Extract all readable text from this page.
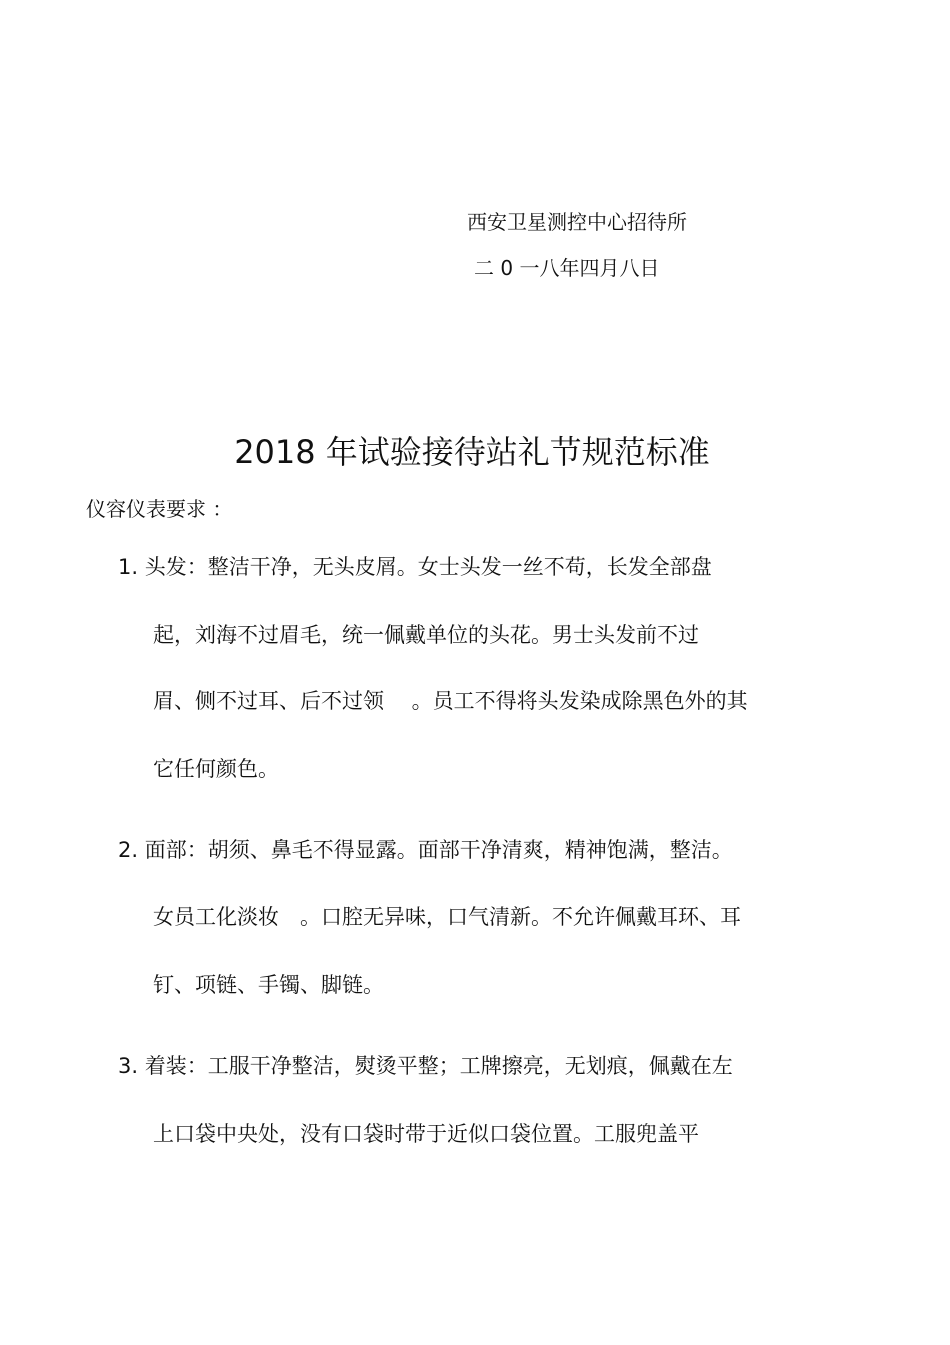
西安卫星测控中心招待所
二 0 一八年四月八日
2018 年试验接待站礼节规范标准
仪容仪表要求 ：
1. 头发：整洁干净，无头皮屑。女士头发一丝不苟，长发全部盘
起，刘海不过眉毛，统一佩戴单位的头花。男士头发前不过
眉、侧不过耳、后不过领　 。员工不得将头发染成除黑色外的其
它任何颜色。
2. 面部：胡须、鼻毛不得显露。面部干净清爽，精神饱满，整洁。
女员工化淡妆　。口腔无异味，口气清新。不允许佩戴耳环、耳
钉、项链、手镯、脚链。
3. 着装：工服干净整洁，熨烫平整；工牌擦亮，无划痕，佩戴在左
上口袋中央处，没有口袋时带于近似口袋位置。工服兜盖平
